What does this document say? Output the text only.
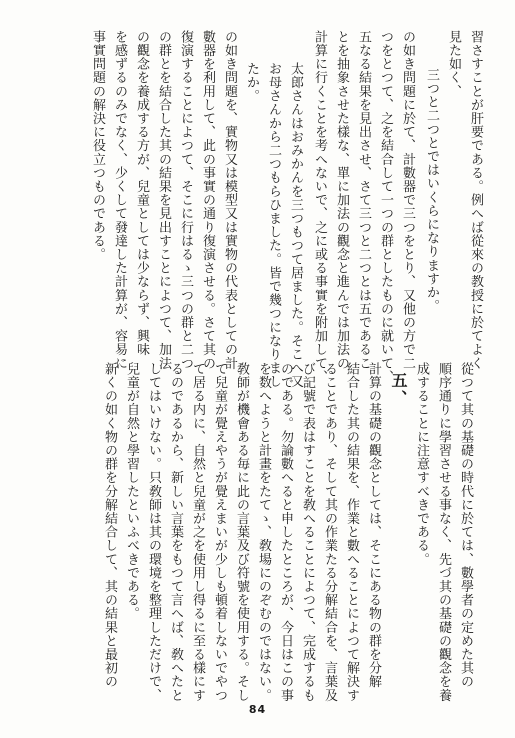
習さすことが肝要である。例へば從來の教授に於てよく
見た如く、
三つと二つとではいくらになりますか。
の如き問題に於て、計數器で三つをとり、又他の方で二
つをとつて、之を結合して一つの群としたものに就いて、
五なる結果を見出させ、さて三つと二つとは五であるこ
とを抽象させた樣な、單に加法の觀念と進んでは加法の
計算に行くことを考へないで、之に或る事實を附加して、
太郎さんはおみかんを三つもつて居ました。そこへ又
お母さんから二つもらひました。皆で幾つになりまし
たか。
の如き問題を、實物又は模型又は實物の代表としての計
數器を利用して、此の事實の通り復演させる。さて其の
復演することによつて、そこに行はるゝ三つの群と二つ
の群とを結合した其の結果を見出すことによつて、加法
の觀念を養成する方が、兒童としては少ならず、興味
を感ずるのみでなく、少くして發達した計算が、容易に
事實問題の解決に役立つものである。
從つて其の基礎の時代に於ては、數學者の定めた其の
順序通りに學習させる事なく、先づ其の基礎の觀念を養
成することに注意すべきである。
五、
計算の基礎の觀念としては、そこにある物の群を分解
結合した其の結果を、作業と數へることによつて解決す
ることであり、そして其の作業たる分解結合を、言葉及
び記號で表はすことを敎へることによつて、完成するも
のである。勿論數へると申したところが、今日はこの事
を数へようと計畫をたてゝ、敎場にのぞむのではない。
敎師が機會ある毎に此の言葉及び符號を使用する。そし
て兒童が覺えやうが覺えまいが少しも頓着しないでやつ
て居る内に、自然と兒童が之を使用し得るに至る樣にす
るのであるから、新しい言葉をもつて言へば、敎へたと
してはいけない。只敎師は其の環境を整理しただけで、
兒童が自然と學習したといふべきである。
新くの如く物の群を分解結合して、其の結果と最初の
84
